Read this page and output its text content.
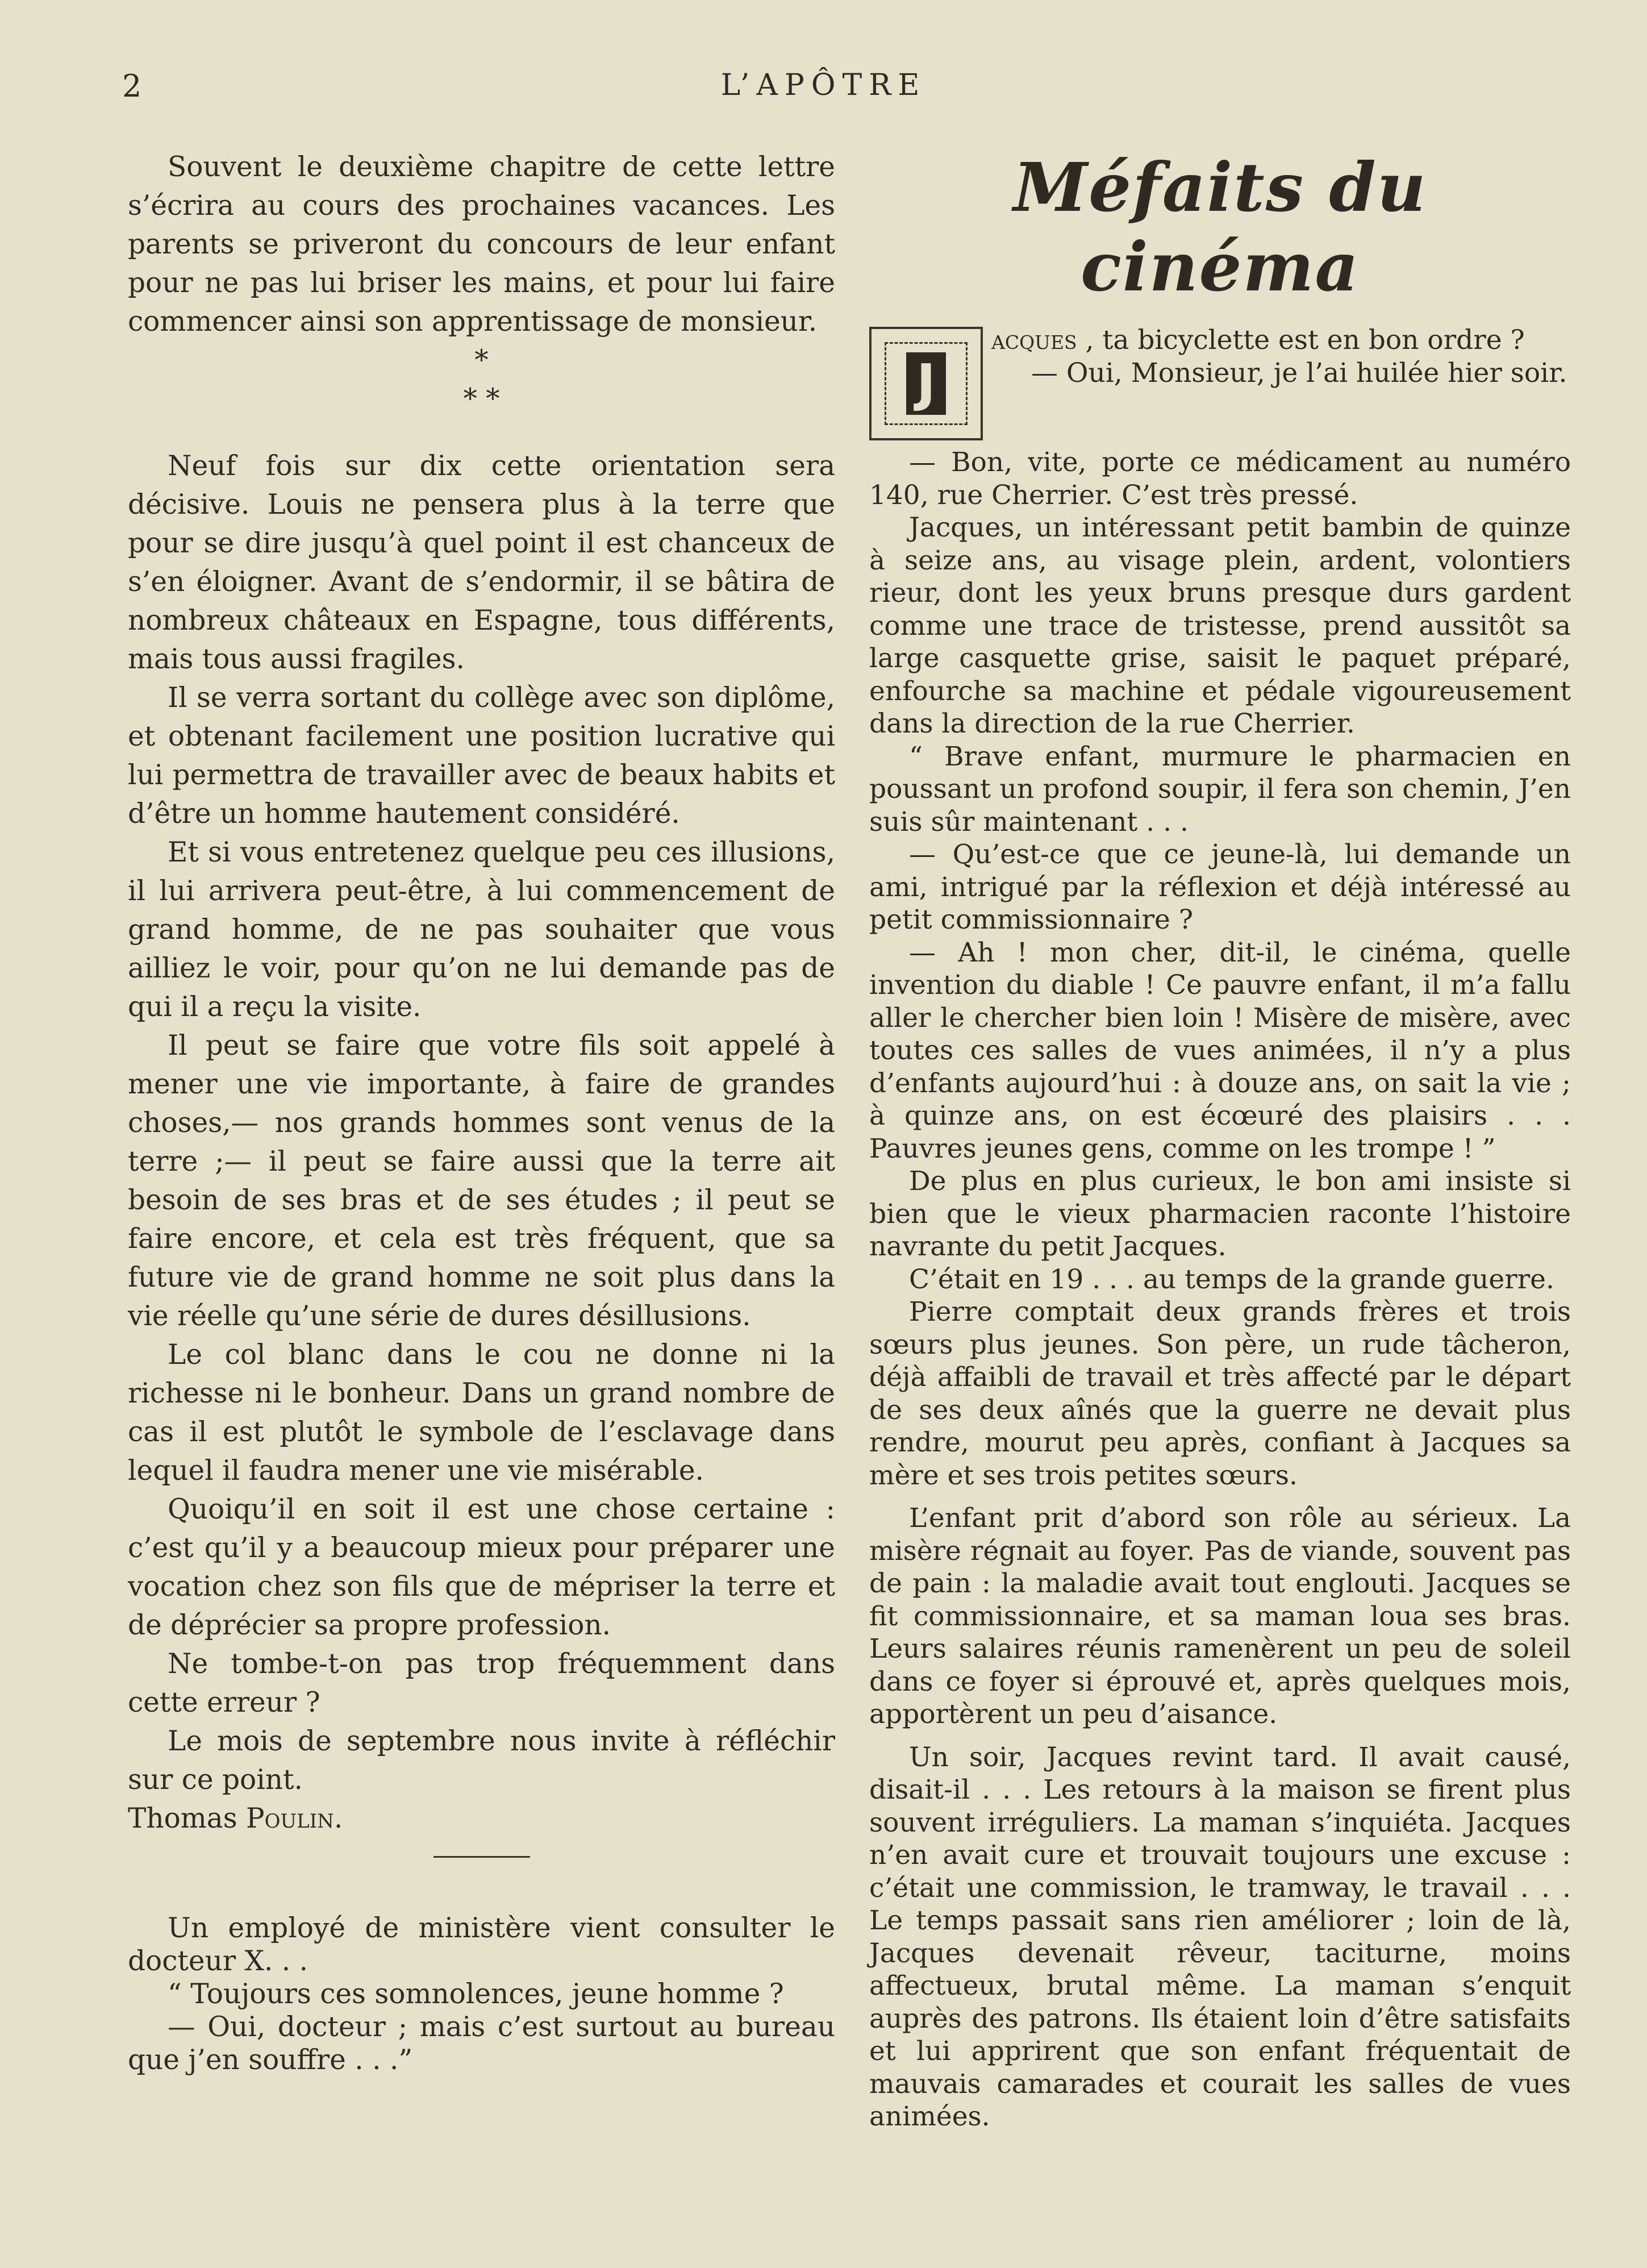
2	L’APÔTRE

Souvent le deuxième chapitre de cette lettre s’écrira au cours des prochaines vacances. Les parents se priveront du concours de leur enfant pour ne pas lui briser les mains, et pour lui faire commencer ainsi son apprentissage de monsieur.

*
* *

Neuf fois sur dix cette orientation sera décisive. Louis ne pensera plus à la terre que pour se dire jusqu’à quel point il est chanceux de s’en éloigner. Avant de s’endormir, il se bâtira de nombreux châteaux en Espagne, tous différents, mais tous aussi fragiles.

Il se verra sortant du collège avec son diplôme, et obtenant facilement une position lucrative qui lui permettra de travailler avec de beaux habits et d’être un homme hautement considéré.

Et si vous entretenez quelque peu ces illusions, il lui arrivera peut-être, à lui commencement de grand homme, de ne pas souhaiter que vous ailliez le voir, pour qu’on ne lui demande pas de qui il a reçu la visite.

Il peut se faire que votre fils soit appelé à mener une vie importante, à faire de grandes choses,— nos grands hommes sont venus de la terre ;— il peut se faire aussi que la terre ait besoin de ses bras et de ses études ; il peut se faire encore, et cela est très fréquent, que sa future vie de grand homme ne soit plus dans la vie réelle qu’une série de dures désillusions.

Le col blanc dans le cou ne donne ni la richesse ni le bonheur. Dans un grand nombre de cas il est plutôt le symbole de l’esclavage dans lequel il faudra mener une vie misérable.

Quoiqu’il en soit il est une chose certaine : c’est qu’il y a beaucoup mieux pour préparer une vocation chez son fils que de mépriser la terre et de déprécier sa propre profession.

Ne tombe-t-on pas trop fréquemment dans cette erreur ?

Le mois de septembre nous invite à réfléchir sur ce point.

Thomas Poulin.

Un employé de ministère vient consulter le docteur X. . .

“ Toujours ces somnolences, jeune homme ?

— Oui, docteur ; mais c’est surtout au bureau que j’en souffre . . .”

Méfaits du cinéma
J

acques , ta bicyclette est en bon ordre ?

— Oui, Monsieur, je l’ai huilée hier soir.

— Bon, vite, porte ce médicament au numéro 140, rue Cherrier. C’est très pressé.

Jacques, un intéressant petit bambin de quinze à seize ans, au visage plein, ardent, volontiers rieur, dont les yeux bruns presque durs gardent comme une trace de tristesse, prend aussitôt sa large casquette grise, saisit le paquet préparé, enfourche sa machine et pédale vigoureusement dans la direction de la rue Cherrier.

“ Brave enfant, murmure le pharmacien en poussant un profond soupir, il fera son chemin, J’en suis sûr maintenant . . .

— Qu’est-ce que ce jeune-là, lui demande un ami, intrigué par la réflexion et déjà intéressé au petit commissionnaire ?

— Ah ! mon cher, dit-il, le cinéma, quelle invention du diable ! Ce pauvre enfant, il m’a fallu aller le chercher bien loin ! Misère de misère, avec toutes ces salles de vues animées, il n’y a plus d’enfants aujourd’hui : à douze ans, on sait la vie ; à quinze ans, on est écœuré des plaisirs . . . Pauvres jeunes gens, comme on les trompe ! ”

De plus en plus curieux, le bon ami insiste si bien que le vieux pharmacien raconte l’histoire navrante du petit Jacques.

C’était en 19 . . . au temps de la grande guerre.

Pierre comptait deux grands frères et trois sœurs plus jeunes. Son père, un rude tâcheron, déjà affaibli de travail et très affecté par le départ de ses deux aînés que la guerre ne devait plus rendre, mourut peu après, confiant à Jacques sa mère et ses trois petites sœurs.

L’enfant prit d’abord son rôle au sérieux. La misère régnait au foyer. Pas de viande, souvent pas de pain : la maladie avait tout englouti. Jacques se fit commissionnaire, et sa maman loua ses bras. Leurs salaires réunis ramenèrent un peu de soleil dans ce foyer si éprouvé et, après quelques mois, apportèrent un peu d’aisance.

Un soir, Jacques revint tard. Il avait causé, disait-il . . . Les retours à la maison se firent plus souvent irréguliers. La maman s’inquiéta. Jacques n’en avait cure et trouvait toujours une excuse : c’était une commission, le tramway, le travail . . . Le temps passait sans rien améliorer ; loin de là, Jacques devenait rêveur, taciturne, moins affectueux, brutal même. La maman s’enquit auprès des patrons. Ils étaient loin d’être satisfaits et lui apprirent que son enfant fréquentait de mauvais camarades et courait les salles de vues animées.
